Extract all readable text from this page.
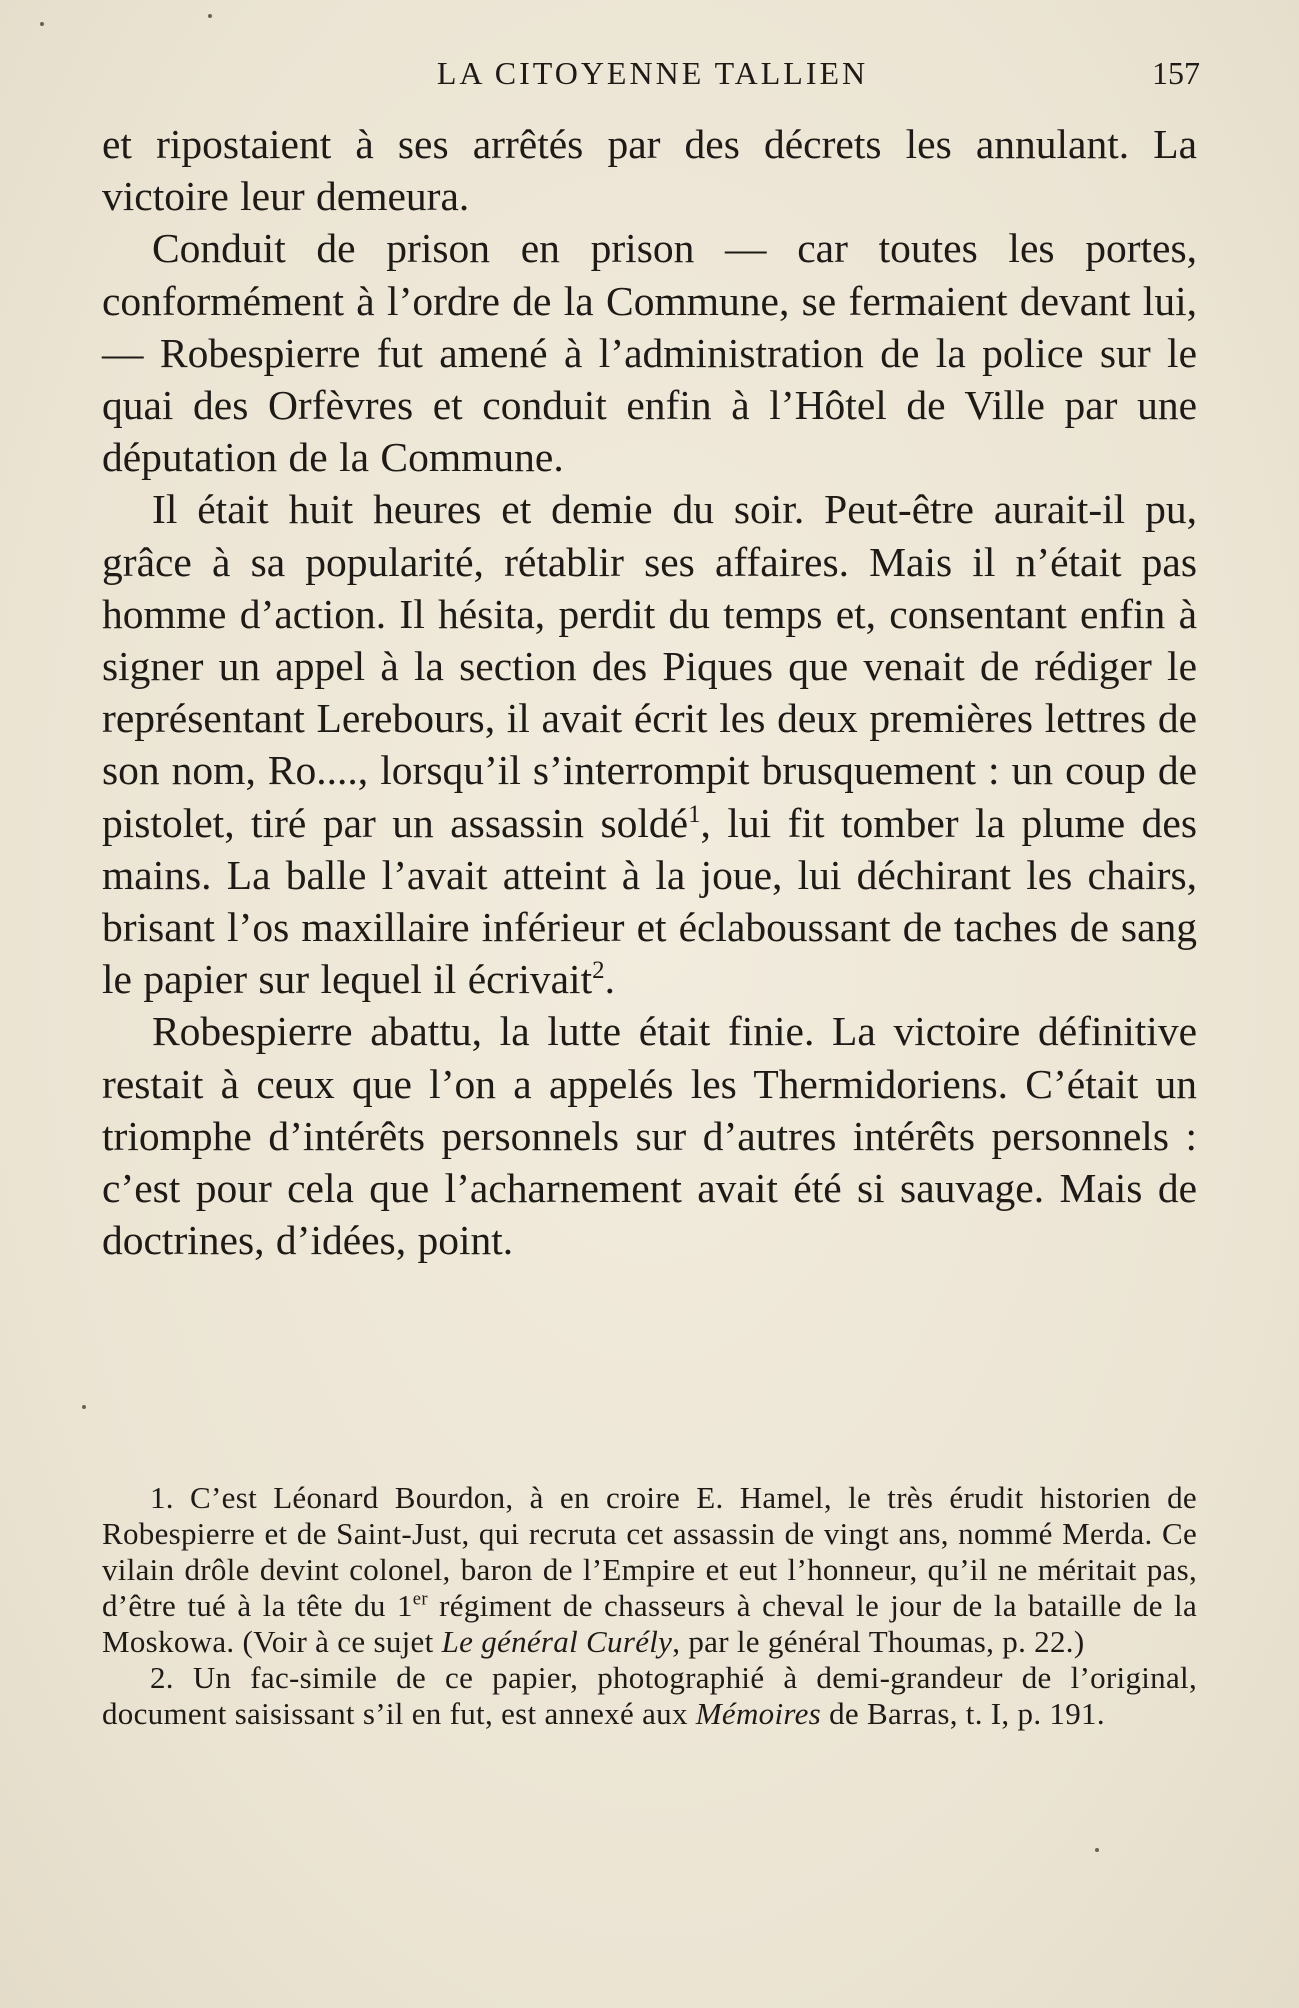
LA CITOYENNE TALLIEN	157

et ripostaient à ses arrêtés par des décrets les annulant. La victoire leur demeura.

Conduit de prison en prison — car toutes les portes, conformément à l’ordre de la Commune, se fermaient devant lui, — Robespierre fut amené à l’administration de la police sur le quai des Orfèvres et conduit enfin à l’Hôtel de Ville par une députation de la Commune.

Il était huit heures et demie du soir. Peut-être aurait-il pu, grâce à sa popularité, rétablir ses affaires. Mais il n’était pas homme d’action. Il hésita, perdit du temps et, consentant enfin à signer un appel à la section des Piques que venait de rédiger le représentant Lerebours, il avait écrit les deux premières lettres de son nom, Ro...., lorsqu’il s’interrompit brusquement : un coup de pistolet, tiré par un assassin soldé$^1$, lui fit tomber la plume des mains. La balle l’avait atteint à la joue, lui déchirant les chairs, brisant l’os maxillaire inférieur et éclaboussant de taches de sang le papier sur lequel il écrivait$^2$.

Robespierre abattu, la lutte était finie. La victoire définitive restait à ceux que l’on a appelés les Thermidoriens. C’était un triomphe d’intérêts personnels sur d’autres intérêts personnels : c’est pour cela que l’acharnement avait été si sauvage. Mais de doctrines, d’idées, point.

1. C’est Léonard Bourdon, à en croire E. Hamel, le très érudit historien de Robespierre et de Saint-Just, qui recruta cet assassin de vingt ans, nommé Merda. Ce vilain drôle devint colonel, baron de l’Empire et eut l’honneur, qu’il ne méritait pas, d’être tué à la tête du 1er régiment de chasseurs à cheval le jour de la bataille de la Moskowa. (Voir à ce sujet Le général Curély, par le général Thoumas, p. 22.)

2. Un fac-simile de ce papier, photographié à demi-grandeur de l’original, document saisissant s’il en fut, est annexé aux Mémoires de Barras, t. I, p. 191.
